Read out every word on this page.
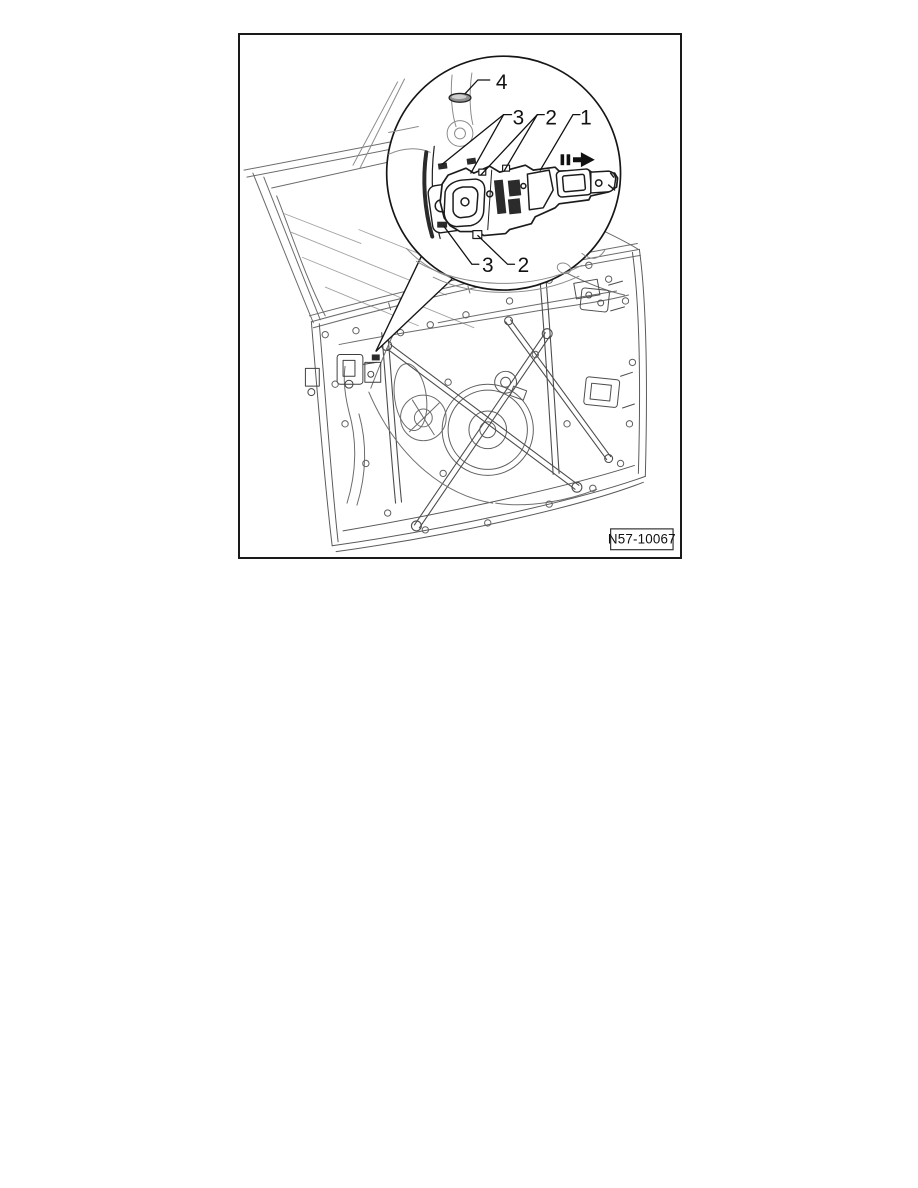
4
3 2 1
3 2
N57-10067
